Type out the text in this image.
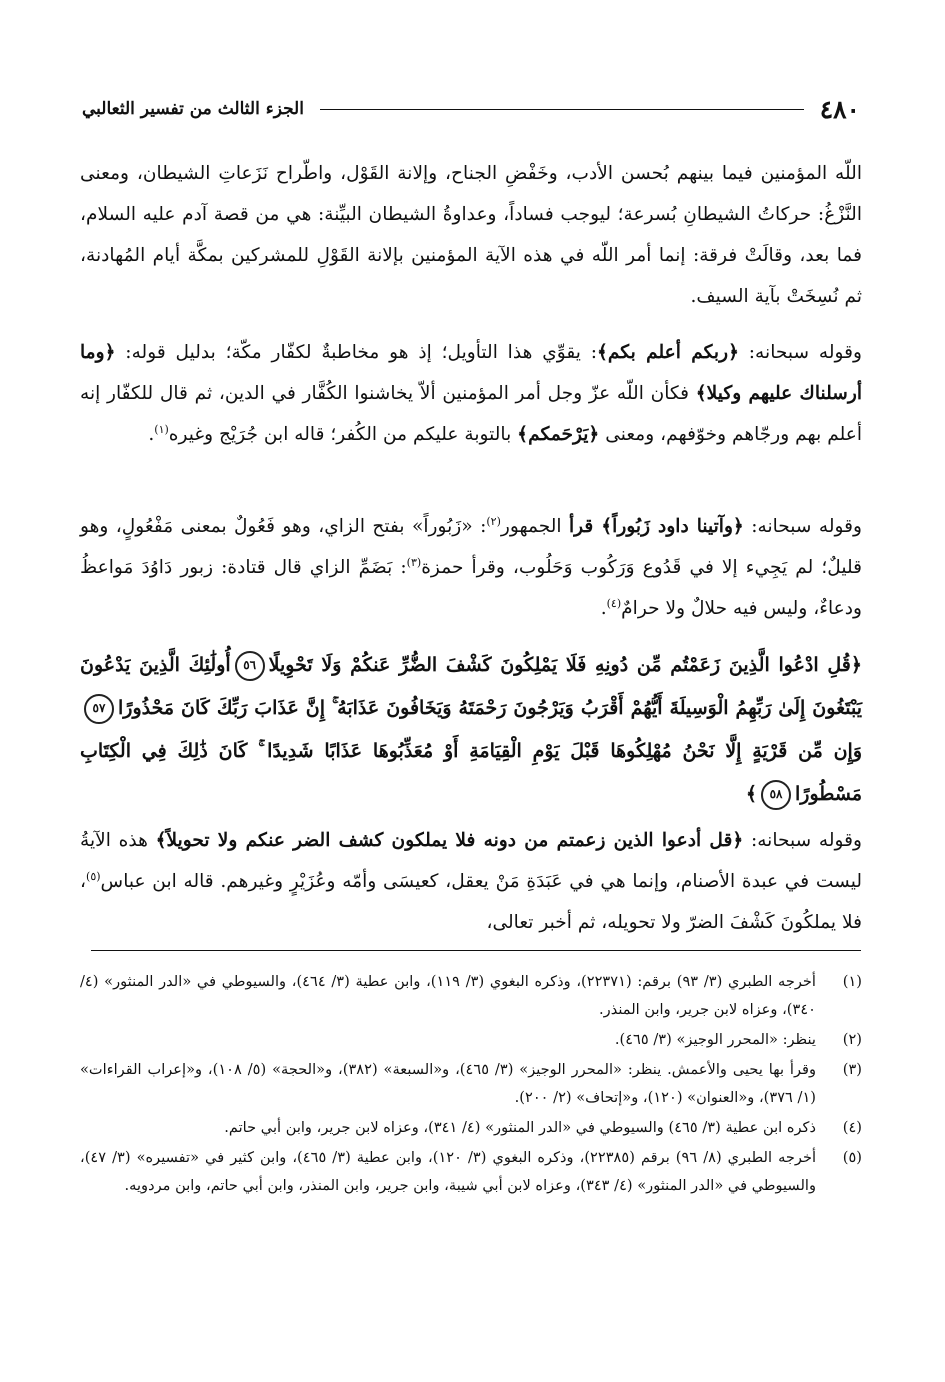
٤٨٠
الجزء الثالث من تفسير الثعالبي

اللّه المؤمنين فيما بينهم بُحسن الأدب، وخَفْضِ الجناح، وإلانة القَوْل، واطّراح نَزَعاتِ الشيطان، ومعنى النَّزْغُ: حركاتُ الشيطانِ بُسرعة؛ ليوجب فساداً، وعداوةُ الشيطان البيِّنة: هي من قصة آدم عليه السلام، فما بعد، وقالَتْ فرقة: إنما أمر اللّه في هذه الآية المؤمنين بإلانة القَوْلِ للمشركين بمكَّة أيام المُهادنة، ثم نُسِخَتْ بآية السيف.

وقوله سبحانه: ﴿ربكم أعلم بكم﴾: يقوِّي هذا التأويل؛ إذ هو مخاطبةٌ لكفّار مكّة؛ بدليل قوله: ﴿وما أرسلناك عليهم وكيلا﴾ فكأن اللّه عزّ وجل أمر المؤمنين ألاّ يخاشنوا الكُفَّار في الدين، ثم قال للكفّار إنه أعلم بهم ورجّاهم وخوّفهم، ومعنى ﴿يَرْحَمكم﴾ بالتوبة عليكم من الكُفر؛ قاله ابن جُرَيْج وغيره$^{(١)}$.

وقوله سبحانه: ﴿وآتينا داود زَبُوراً﴾ قرأ الجمهور$^{(٢)}$: «زَبُوراً» بفتح الزاي، وهو فَعُولٌ بمعنى مَفْعُولٍ، وهو قليلٌ؛ لم يَجِيء إلا في قَدُوع وَرَكُوب وَحَلُوب، وقرأ حمزة$^{(٣)}$: بَضَمِّ الزاي قال قتادة: زبور دَاوُدَ مَواعظُ ودعاءٌ، وليس فيه حلالٌ ولا حرامٌ$^{(٤)}$.

﴿قُلِ ادْعُوا الَّذِينَ زَعَمْتُم مِّن دُونِهِ فَلَا يَمْلِكُونَ كَشْفَ الضُّرِّ عَنكُمْ وَلَا تَحْوِيلًا٥٦أُولَٰئِكَ الَّذِينَ يَدْعُونَ يَبْتَغُونَ إِلَىٰ رَبِّهِمُ الْوَسِيلَةَ أَيُّهُمْ أَقْرَبُ وَيَرْجُونَ رَحْمَتَهُ وَيَخَافُونَ عَذَابَهُ ۚ إِنَّ عَذَابَ رَبِّكَ كَانَ مَحْذُورًا٥٧وَإِن مِّن قَرْيَةٍ إِلَّا نَحْنُ مُهْلِكُوهَا قَبْلَ يَوْمِ الْقِيَامَةِ أَوْ مُعَذِّبُوهَا عَذَابًا شَدِيدًا ۚ كَانَ ذَٰلِكَ فِي الْكِتَابِ مَسْطُورًا٥٨﴾

وقوله سبحانه: ﴿قل أدعوا الذين زعمتم من دونه فلا يملكون كشف الضر عنكم ولا تحويلاً﴾ هذه الآيةُ ليست في عبدة الأصنام، وإنما هي في عَبَدَةِ مَنْ يعقل، كعيسَى وأمّه وعُزَيْرٍ وغيرهم. قاله ابن عباس$^{(٥)}$، فلا يملكُونَ كَشْفَ الضرّ ولا تحويله، ثم أخبر تعالى،

(١)
أخرجه الطبري (٣/ ٩٣) برقم: (٢٢٣٧١)، وذكره البغوي (٣/ ١١٩)، وابن عطية (٣/ ٤٦٤)، والسيوطي في «الدر المنثور» (٤/ ٣٤٠)، وعزاه لابن جرير، وابن المنذر.
(٢)
ينظر: «المحرر الوجيز» (٣/ ٤٦٥).
(٣)
وقرأ بها يحيى والأعمش. ينظر: «المحرر الوجيز» (٣/ ٤٦٥)، و«السبعة» (٣٨٢)، و«الحجة» (٥/ ١٠٨)، و«إعراب القراءات» (١/ ٣٧٦)، و«العنوان» (١٢٠)، و«إتحاف» (٢/ ٢٠٠).
(٤)
ذكره ابن عطية (٣/ ٤٦٥) والسيوطي في «الدر المنثور» (٤/ ٣٤١)، وعزاه لابن جرير، وابن أبي حاتم.
(٥)
أخرجه الطبري (٨/ ٩٦) برقم (٢٢٣٨٥)، وذكره البغوي (٣/ ١٢٠)، وابن عطية (٣/ ٤٦٥)، وابن كثير في «تفسيره» (٣/ ٤٧)، والسيوطي في «الدر المنثور» (٤/ ٣٤٣)، وعزاه لابن أبي شيبة، وابن جرير، وابن المنذر، وابن أبي حاتم، وابن مردويه.
